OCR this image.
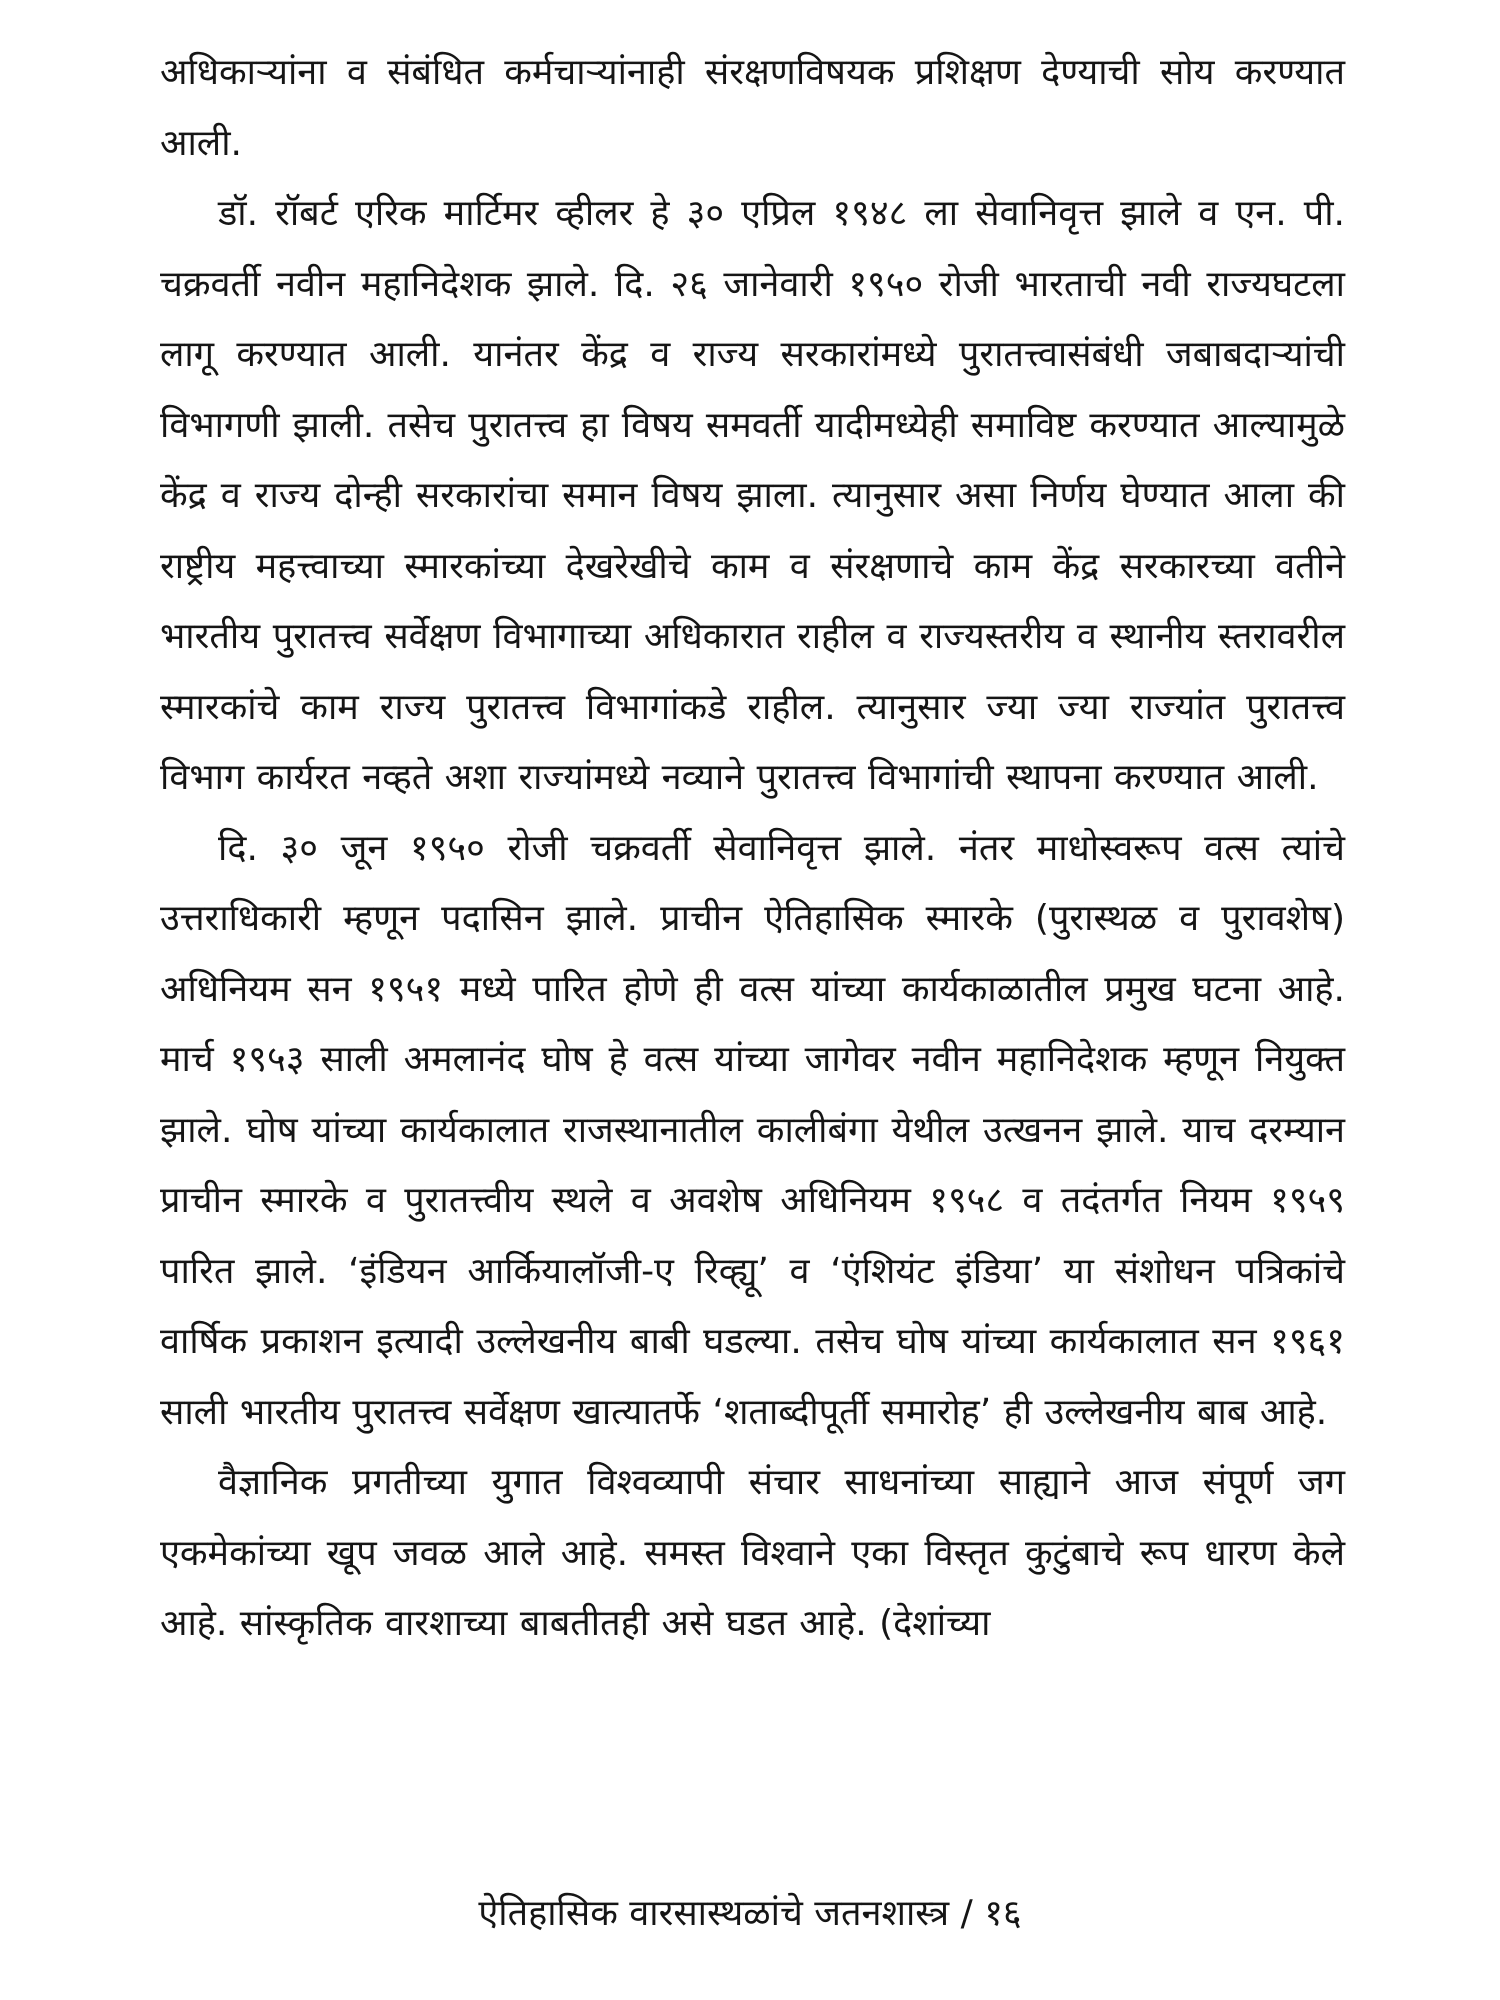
अधिकाऱ्यांना व संबंधित कर्मचाऱ्यांनाही संरक्षणविषयक प्रशिक्षण देण्याची सोय करण्यात आली.

डॉ. रॉबर्ट एरिक मार्टिमर व्हीलर हे ३० एप्रिल १९४८ ला सेवानिवृत्त झाले व एन. पी. चक्रवर्ती नवीन महानिदेशक झाले. दि. २६ जानेवारी १९५० रोजी भारताची नवी राज्यघटला लागू करण्यात आली. यानंतर केंद्र व राज्य सरकारांमध्ये पुरातत्त्वासंबंधी जबाबदाऱ्यांची विभागणी झाली. तसेच पुरातत्त्व हा विषय समवर्ती यादीमध्येही समाविष्ट करण्यात आल्यामुळे केंद्र व राज्य दोन्ही सरकारांचा समान विषय झाला. त्यानुसार असा निर्णय घेण्यात आला की राष्ट्रीय महत्त्वाच्या स्मारकांच्या देखरेखीचे काम व संरक्षणाचे काम केंद्र सरकारच्या वतीने भारतीय पुरातत्त्व सर्वेक्षण विभागाच्या अधिकारात राहील व राज्यस्तरीय व स्थानीय स्तरावरील स्मारकांचे काम राज्य पुरातत्त्व विभागांकडे राहील. त्यानुसार ज्या ज्या राज्यांत पुरातत्त्व विभाग कार्यरत नव्हते अशा राज्यांमध्ये नव्याने पुरातत्त्व विभागांची स्थापना करण्यात आली.

दि. ३० जून १९५० रोजी चक्रवर्ती सेवानिवृत्त झाले. नंतर माधोस्वरूप वत्स त्यांचे उत्तराधिकारी म्हणून पदासिन झाले. प्राचीन ऐतिहासिक स्मारके (पुरास्थळ व पुरावशेष) अधिनियम सन १९५१ मध्ये पारित होणे ही वत्स यांच्या कार्यकाळातील प्रमुख घटना आहे. मार्च १९५३ साली अमलानंद घोष हे वत्स यांच्या जागेवर नवीन महानिदेशक म्हणून नियुक्त झाले. घोष यांच्या कार्यकालात राजस्थानातील कालीबंगा येथील उत्खनन झाले. याच दरम्यान प्राचीन स्मारके व पुरातत्त्वीय स्थले व अवशेष अधिनियम १९५८ व तदंतर्गत नियम १९५९ पारित झाले. ‘इंडियन आर्कियालॉजी-ए रिव्ह्यू’ व ‘एंशियंट इंडिया’ या संशोधन पत्रिकांचे वार्षिक प्रकाशन इत्यादी उल्लेखनीय बाबी घडल्या. तसेच घोष यांच्या कार्यकालात सन १९६१ साली भारतीय पुरातत्त्व सर्वेक्षण खात्यातर्फे ‘शताब्दीपूर्ती समारोह’ ही उल्लेखनीय बाब आहे.

वैज्ञानिक प्रगतीच्या युगात विश्वव्यापी संचार साधनांच्या साह्याने आज संपूर्ण जग एकमेकांच्या खूप जवळ आले आहे. समस्त विश्वाने एका विस्तृत कुटुंबाचे रूप धारण केले आहे. सांस्कृतिक वारशाच्या बाबतीतही असे घडत आहे. (देशांच्या

ऐतिहासिक वारसास्थळांचे जतनशास्त्र / १६
